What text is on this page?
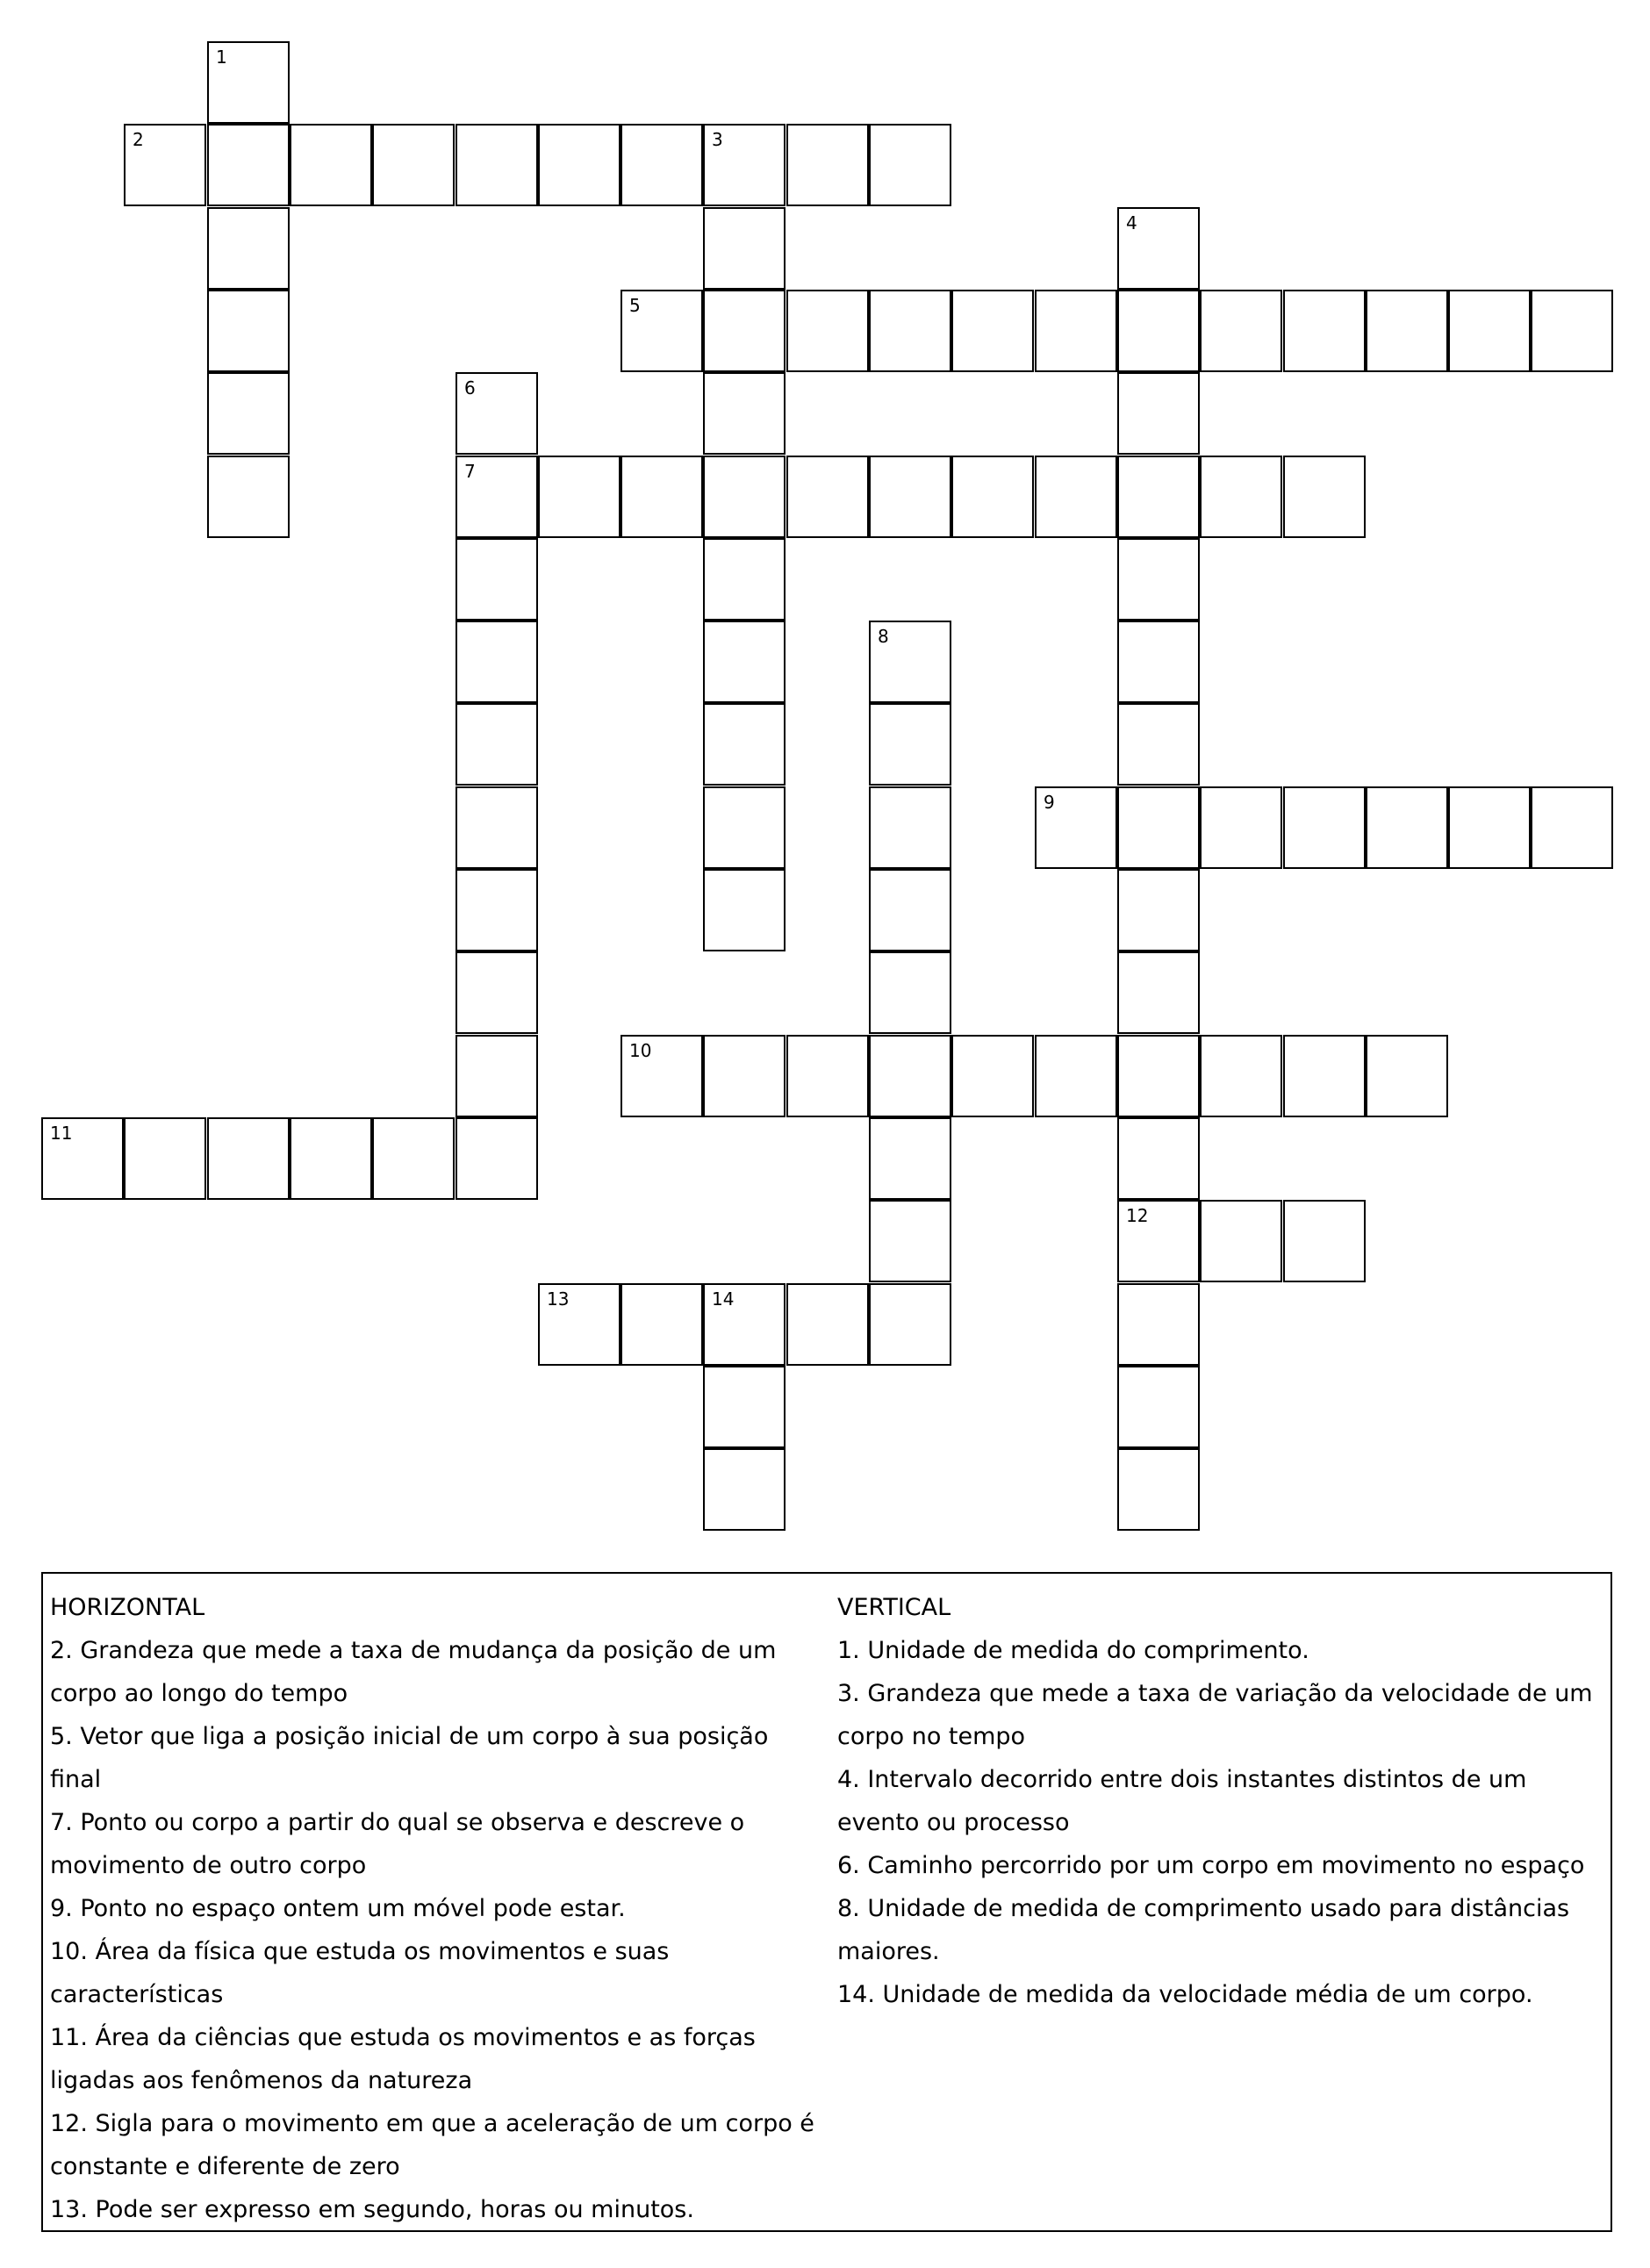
2	3
5
7
9
10
11
12
13	14
1
4
6
8
HORIZONTAL
2. Grandeza que mede a taxa de mudança da posição de um corpo ao longo do tempo
5. Vetor que liga a posição inicial de um corpo à sua posição final
7. Ponto ou corpo a partir do qual se observa e descreve o movimento de outro corpo
9. Ponto no espaço ontem um móvel pode estar.
10. Área da física que estuda os movimentos e suas características
11. Área da ciências que estuda os movimentos e as forças ligadas aos fenômenos da natureza
12. Sigla para o movimento em que a aceleração de um corpo é constante e diferente de zero
13. Pode ser expresso em segundo, horas ou minutos.
VERTICAL
1. Unidade de medida do comprimento.
3. Grandeza que mede a taxa de variação da velocidade de um corpo no tempo
4. Intervalo decorrido entre dois instantes distintos de um evento ou processo
6. Caminho percorrido por um corpo em movimento no espaço
8. Unidade de medida de comprimento usado para distâncias maiores.
14. Unidade de medida da velocidade média de um corpo.
